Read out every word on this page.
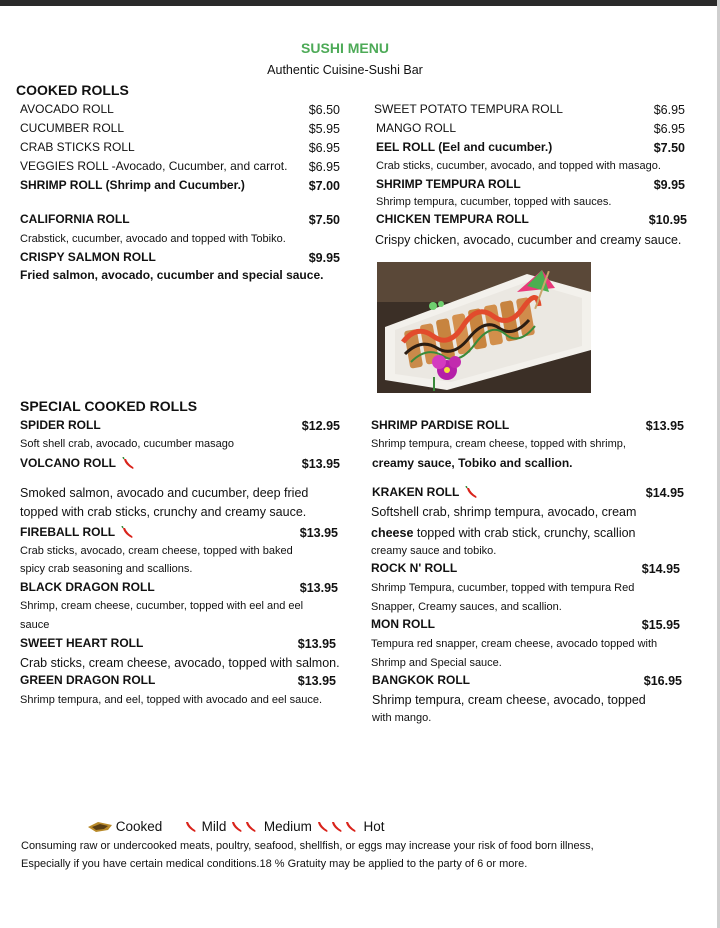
SUSHI MENU
Authentic Cuisine-Sushi Bar
COOKED ROLLS
AVOCADO ROLL	$6.50
CUCUMBER ROLL	$5.95
CRAB STICKS ROLL	$6.95
VEGGIES ROLL -Avocado, Cucumber, and carrot.	$6.95
SHRIMP ROLL (Shrimp and Cucumber.)	$7.00
CALIFORNIA ROLL	$7.50
Crabstick, cucumber, avocado and topped with Tobiko.
CRISPY SALMON ROLL	$9.95
Fried salmon, avocado, cucumber and special sauce.
SWEET POTATO TEMPURA ROLL	$6.95
MANGO ROLL	$6.95
EEL ROLL (Eel and cucumber.)	$7.50
Crab sticks, cucumber, avocado, and topped with masago.
SHRIMP TEMPURA ROLL	$9.95
Shrimp tempura, cucumber, topped with sauces.
CHICKEN TEMPURA ROLL	$10.95
Crispy chicken, avocado, cucumber and creamy sauce.
SPECIAL COOKED ROLLS
SPIDER ROLL	$12.95
Soft shell crab, avocado, cucumber masago
VOLCANO ROLL	$13.95
Smoked salmon, avocado and cucumber, deep fried
topped with crab sticks, crunchy and creamy sauce.
FIREBALL ROLL	$13.95
Crab sticks, avocado, cream cheese, topped with baked
spicy crab seasoning and scallions.
BLACK DRAGON ROLL	$13.95
Shrimp, cream cheese, cucumber, topped with eel and eel
sauce
SWEET HEART ROLL	$13.95
Crab sticks, cream cheese, avocado, topped with salmon.
GREEN DRAGON ROLL	$13.95
Shrimp tempura, and eel, topped with avocado and eel sauce.
SHRIMP PARDISE ROLL	$13.95
Shrimp tempura, cream cheese, topped with shrimp,
creamy sauce, Tobiko and scallion.
KRAKEN ROLL	$14.95
Softshell crab, shrimp tempura, avocado, cream
cheese topped with crab stick, crunchy, scallion
creamy sauce and tobiko.
ROCK N' ROLL	$14.95
Shrimp Tempura, cucumber, topped with tempura Red
Snapper, Creamy sauces, and scallion.
MON ROLL	$15.95
Tempura red snapper, cream cheese, avocado topped with
Shrimp and Special sauce.
BANGKOK ROLL	$16.95
Shrimp tempura, cream cheese, avocado, topped
with mango.
Cooked	Mild	Medium	Hot
Consuming raw or undercooked meats, poultry, seafood, shellfish, or eggs may increase your risk of food born illness,
Especially if you have certain medical conditions.18 % Gratuity may be applied to the party of 6 or more.
